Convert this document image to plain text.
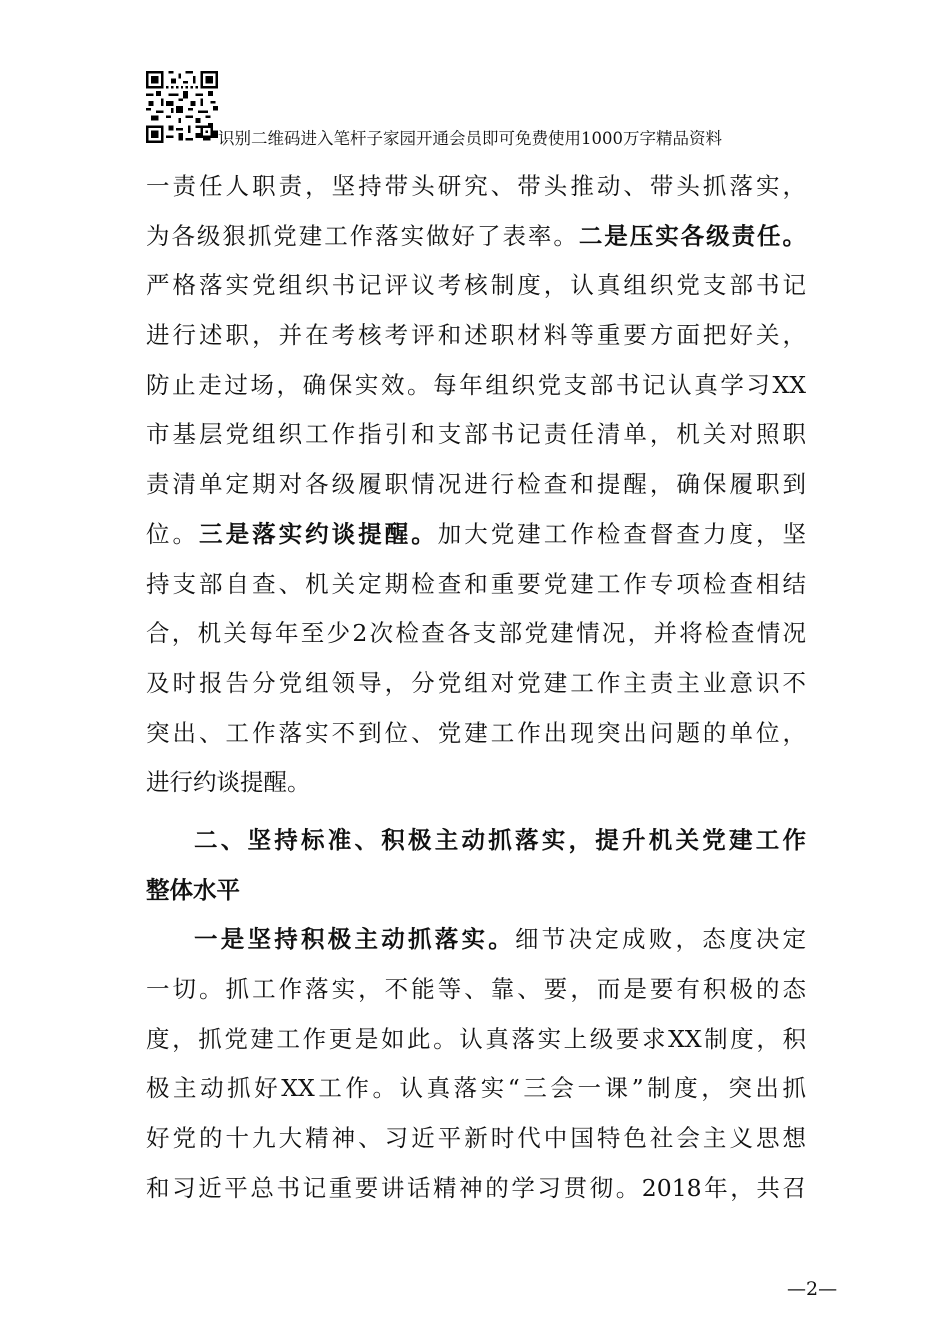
识别二维码进入笔杆子家园开通会员即可免费使用1000万字精品资料
一责任人职责，坚持带头研究、带头推动、带头抓落实，
为各级狠抓党建工作落实做好了表率。二是压实各级责任。
严格落实党组织书记评议考核制度，认真组织党支部书记
进行述职，并在考核考评和述职材料等重要方面把好关，
防止走过场，确保实效。每年组织党支部书记认真学习XX
市基层党组织工作指引和支部书记责任清单，机关对照职
责清单定期对各级履职情况进行检查和提醒，确保履职到
位。三是落实约谈提醒。加大党建工作检查督查力度，坚
持支部自查、机关定期检查和重要党建工作专项检查相结
合，机关每年至少2次检查各支部党建情况，并将检查情况
及时报告分党组领导，分党组对党建工作主责主业意识不
突出、工作落实不到位、党建工作出现突出问题的单位，
进行约谈提醒。
二、坚持标准、积极主动抓落实，提升机关党建工作
整体水平
一是坚持积极主动抓落实。细节决定成败，态度决定
一切。抓工作落实，不能等、靠、要，而是要有积极的态
度，抓党建工作更是如此。认真落实上级要求XX制度，积
极主动抓好XX工作。认真落实“三会一课”制度，突出抓
好党的十九大精神、习近平新时代中国特色社会主义思想
和习近平总书记重要讲话精神的学习贯彻。2018年，共召
—2—
